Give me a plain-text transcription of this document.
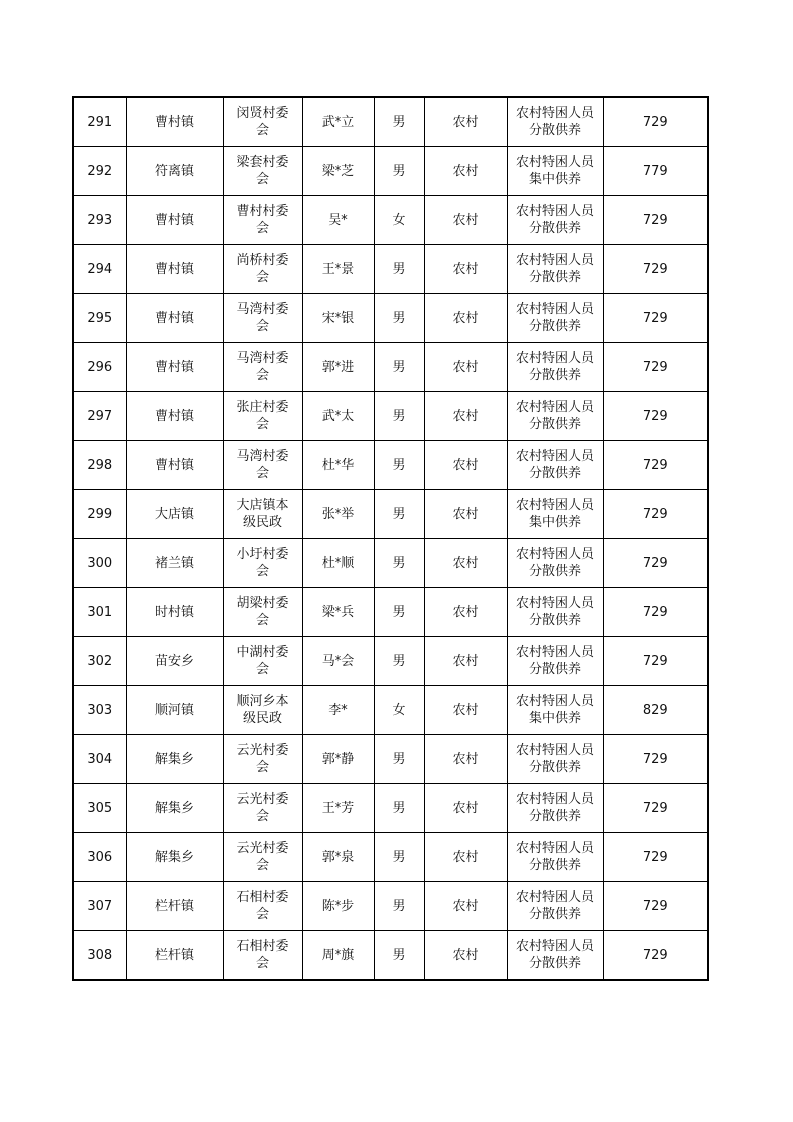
291	曹村镇	闵贤村委会	武*立	男	农村	农村特困人员分散供养	729
292	符离镇	梁套村委会	梁*芝	男	农村	农村特困人员集中供养	779
293	曹村镇	曹村村委会	吴*	女	农村	农村特困人员分散供养	729
294	曹村镇	尚桥村委会	王*景	男	农村	农村特困人员分散供养	729
295	曹村镇	马湾村委会	宋*银	男	农村	农村特困人员分散供养	729
296	曹村镇	马湾村委会	郭*进	男	农村	农村特困人员分散供养	729
297	曹村镇	张庄村委会	武*太	男	农村	农村特困人员分散供养	729
298	曹村镇	马湾村委会	杜*华	男	农村	农村特困人员分散供养	729
299	大店镇	大店镇本级民政	张*举	男	农村	农村特困人员集中供养	729
300	褚兰镇	小圩村委会	杜*顺	男	农村	农村特困人员分散供养	729
301	时村镇	胡梁村委会	梁*兵	男	农村	农村特困人员分散供养	729
302	苗安乡	中湖村委会	马*会	男	农村	农村特困人员分散供养	729
303	顺河镇	顺河乡本级民政	李*	女	农村	农村特困人员集中供养	829
304	解集乡	云光村委会	郭*静	男	农村	农村特困人员分散供养	729
305	解集乡	云光村委会	王*芳	男	农村	农村特困人员分散供养	729
306	解集乡	云光村委会	郭*泉	男	农村	农村特困人员分散供养	729
307	栏杆镇	石相村委会	陈*步	男	农村	农村特困人员分散供养	729
308	栏杆镇	石相村委会	周*旗	男	农村	农村特困人员分散供养	729
